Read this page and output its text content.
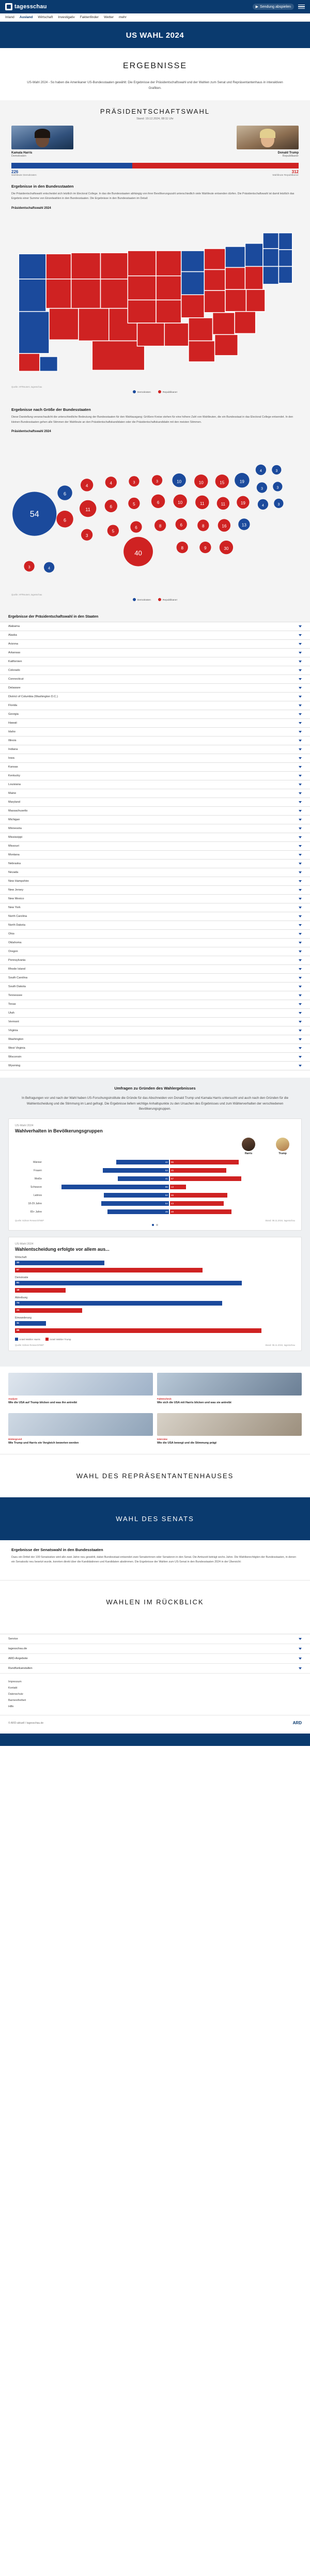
tagesschau	▶ Sendung abspielen
Inland Ausland Wirtschaft Investigativ Faktenfinder Wetter mehr
US WAHL 2024
ERGEBNISSE
US-Wahl 2024 - So haben die Amerikaner US-Bundesstaaten gewählt: Die Ergebnisse der Präsidentschaftswahl und der Wahlen zum Senat und Repräsentantenhaus in interaktiven Grafiken.
PRÄSIDENTSCHAFTSWAHL
Stand: 19.12.2024, 08:11 Uhr
Kamala Harris
Demokraten
Donald Trump
Republikaner
226	312
Wahlleute Demokraten	Wahlleute Republikaner
Ergebnisse in den Bundesstaaten

Die Präsidentschaftswahl entscheidet sich letztlich im Electoral College. In das die Bundesstaaten abhängig von ihrer Bevölkerungszahl unterschiedlich viele Wahlleute entsenden dürfen. Die Präsidentschaftswahl ist damit letztlich das Ergebnis einer Summe von Einzelwahlen in den Bundesstaaten. Die Ergebnisse in den Bundesstaaten im Detail:

Präsidentschaftswahl 2024
Quelle: AP/Reuters, tagesschau
Demokraten	Republikaner
Ergebnisse nach Größe der Bundesstaaten

Diese Darstellung veranschaulicht die unterschiedliche Bedeutung der Bundesstaaten für den Wahlausgang: Größere Kreise stehen für eine höhere Zahl von Wahlleuten, die ein Bundesstaat in das Electoral College entsendet. In den kleinen Bundesstaaten gehen alle Stimmen der Wahlleute an den Präsidentschaftskandidaten oder die Präsidentschaftskandidatin mit den meisten Stimmen.

Präsidentschaftswahl 2024
54
6
6
4
11
3
4
6
5
3
5
6
40
3
6
8
10
10
6
8
10
11
8
9
15
11
16
30
19
19
13
4
3
4
3
3
3
3	4
Quelle: AP/Reuters, tagesschau
Demokraten	Republikaner
Ergebnisse der Präsidentschaftswahl in den Staaten
Alabama
Alaska
Arizona
Arkansas
Kalifornien
Colorado
Connecticut
Delaware
District of Columbia (Washington D.C.)
Florida
Georgia
Hawaii
Idaho
Illinois
Indiana
Iowa
Kansas
Kentucky
Louisiana
Maine
Maryland
Massachusetts
Michigan
Minnesota
Mississippi
Missouri
Montana
Nebraska
Nevada
New Hampshire
New Jersey
New Mexico
New York
North Carolina
North Dakota
Ohio
Oklahoma
Oregon
Pennsylvania
Rhode Island
South Carolina
South Dakota
Tennessee
Texas
Utah
Vermont
Virginia
Washington
West Virginia
Wisconsin
Wyoming
Umfragen zu Gründen des Wahlergebnisses
In Befragungen vor und nach der Wahl haben US-Forschungsinstitute die Gründe für das Abschneiden von Donald Trump und Kamala Harris untersucht und auch nach den Gründen für die Wahlentscheidung und die Stimmung im Land gefragt. Die Ergebnisse liefern wichtige Anhaltspunkte zu den Ursachen des Ergebnisses und zum Wählerverhalten der verschiedenen Bevölkerungsgruppen.
US-Wahl 2024
Wahlverhalten in Bevölkerungsgruppen
Harris	Trump
Männer	42	55
Frauen	53	45
Weiße	41	57
Schwarze	86	13
Latinos	52	46
18-29 Jahre	54	43
65+ Jahre	49	49
Quelle: Edison Research/NEP	Stand: 06.11.2024, tagesschau
US-Wahl 2024
Wahlentscheidung erfolgte vor allem aus...
Wirtschaft
32
67
Demokratie
81
18
Abtreibung
74
24
Einwanderung
11
88
Anteil Wähler Harris	Anteil Wähler Trump
Quelle: Edison Research/NEP	Stand: 06.11.2024, tagesschau
Analyse
Wie die USA auf Trump blicken und was ihn antreibt
Faktencheck
Wie sich die USA mit Harris blicken und was sie antreibt
Hintergrund
Wie Trump und Harris ein Vergleich bewerten werden
Interview
Wie die USA bewegt und die Stimmung prägt
WAHL DES REPRÄSENTANTENHAUSES
WAHL DES SENATS
Ergebnisse der Senatswahl in den Bundesstaaten

Dazu ein Drittel der 100 Senatssitze wird alle zwei Jahre neu gewählt, dabei Bundesstaat entsendet zwei Senatorinnen oder Senatoren in den Senat. Die Amtszeit beträgt sechs Jahre. Die Wahlberechtigten der Bundesstaaten, in denen ein Senatssitz neu besetzt wurde, konnten direkt über die Kandidatinnen und Kandidaten abstimmen. Die Ergebnisse der Wahlen zum US-Senat in den Bundesstaaten 2024 in der Übersicht:

WAHLEN IM RÜCKBLICK
Service
tagesschau.de
ARD-Angebote
Rundfunkanstalten
Impressum
Kontakt
Datenschutz
Barrierefreiheit
Hilfe
© ARD-aktuell / tagesschau.de	ARD
